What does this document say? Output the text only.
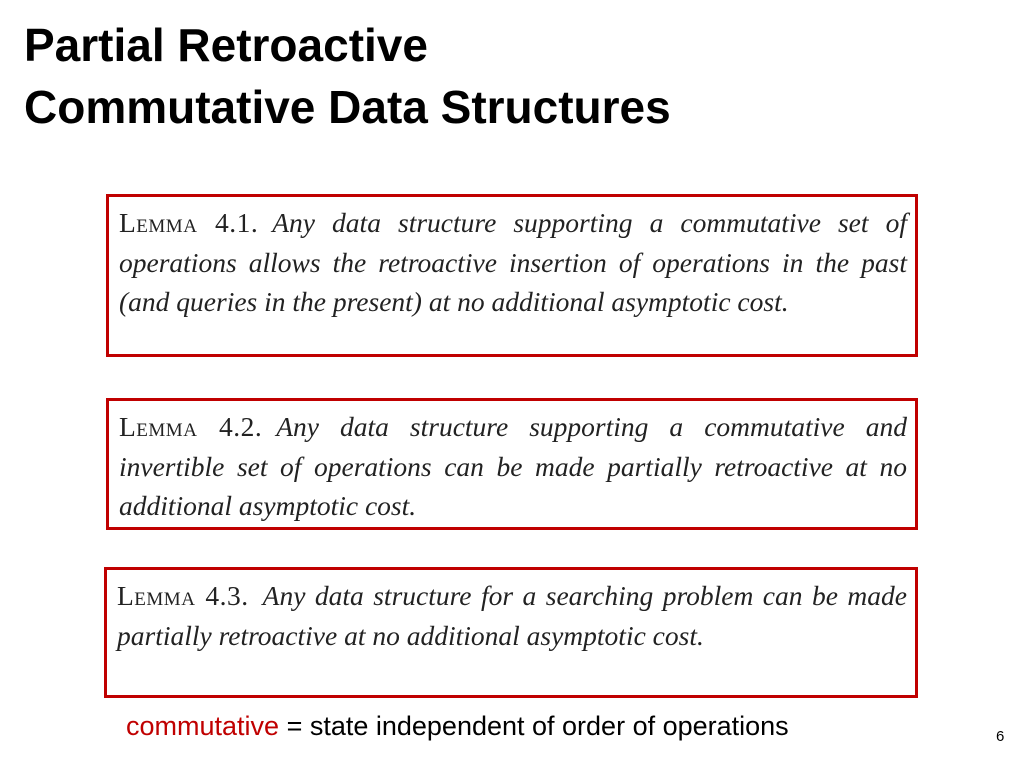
Partial Retroactive
Commutative Data Structures
Lemma 4.1. Any data structure supporting a commutative set of operations allows the retroactive insertion of operations in the past (and queries in the present) at no additional asymptotic cost.
Lemma 4.2. Any data structure supporting a commutative and invertible set of operations can be made partially retroactive at no additional asymptotic cost.
Lemma 4.3. Any data structure for a searching problem can be made partially retroactive at no additional asymptotic cost.
commutative = state independent of order of operations	6
